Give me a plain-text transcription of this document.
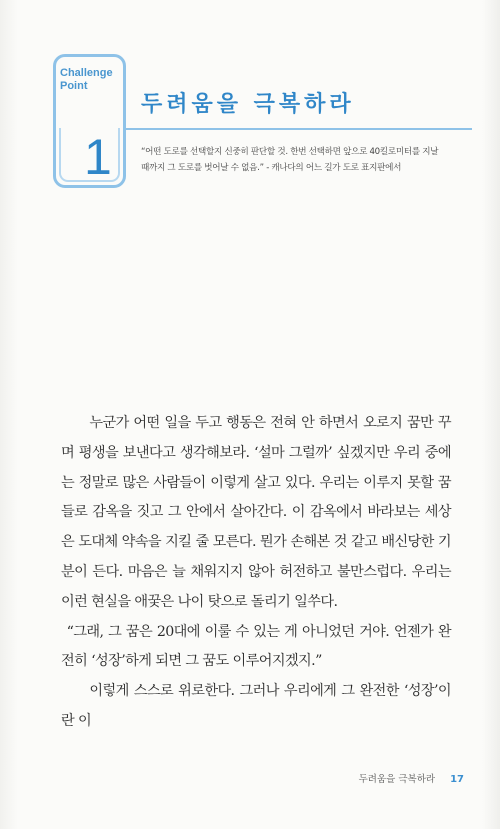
Challenge
Point
1
두려움을 극복하라
“어떤 도로를 선택할지 신중히 판단할 것. 한번 선택하면 앞으로 40킬로미터를 지날
때까지 그 도로를 벗어날 수 없음.” - 캐나다의 어느 길가 도로 표지판에서

누군가 어떤 일을 두고 행동은 전혀 안 하면서 오로지 꿈만 꾸며 평생을 보낸다고 생각해보라. ‘설마 그럴까’ 싶겠지만 우리 중에는 정말로 많은 사람들이 이렇게 살고 있다. 우리는 이루지 못할 꿈들로 감옥을 짓고 그 안에서 살아간다. 이 감옥에서 바라보는 세상은 도대체 약속을 지킬 줄 모른다. 뭔가 손해본 것 같고 배신당한 기분이 든다. 마음은 늘 채워지지 않아 허전하고 불만스럽다. 우리는 이런 현실을 애꿎은 나이 탓으로 돌리기 일쑤다.

“그래, 그 꿈은 20대에 이룰 수 있는 게 아니었던 거야. 언젠가 완전히 ‘성장’하게 되면 그 꿈도 이루어지겠지.”

이렇게 스스로 위로한다. 그러나 우리에게 그 완전한 ‘성장’이란 이

두려움을 극복하라 17
